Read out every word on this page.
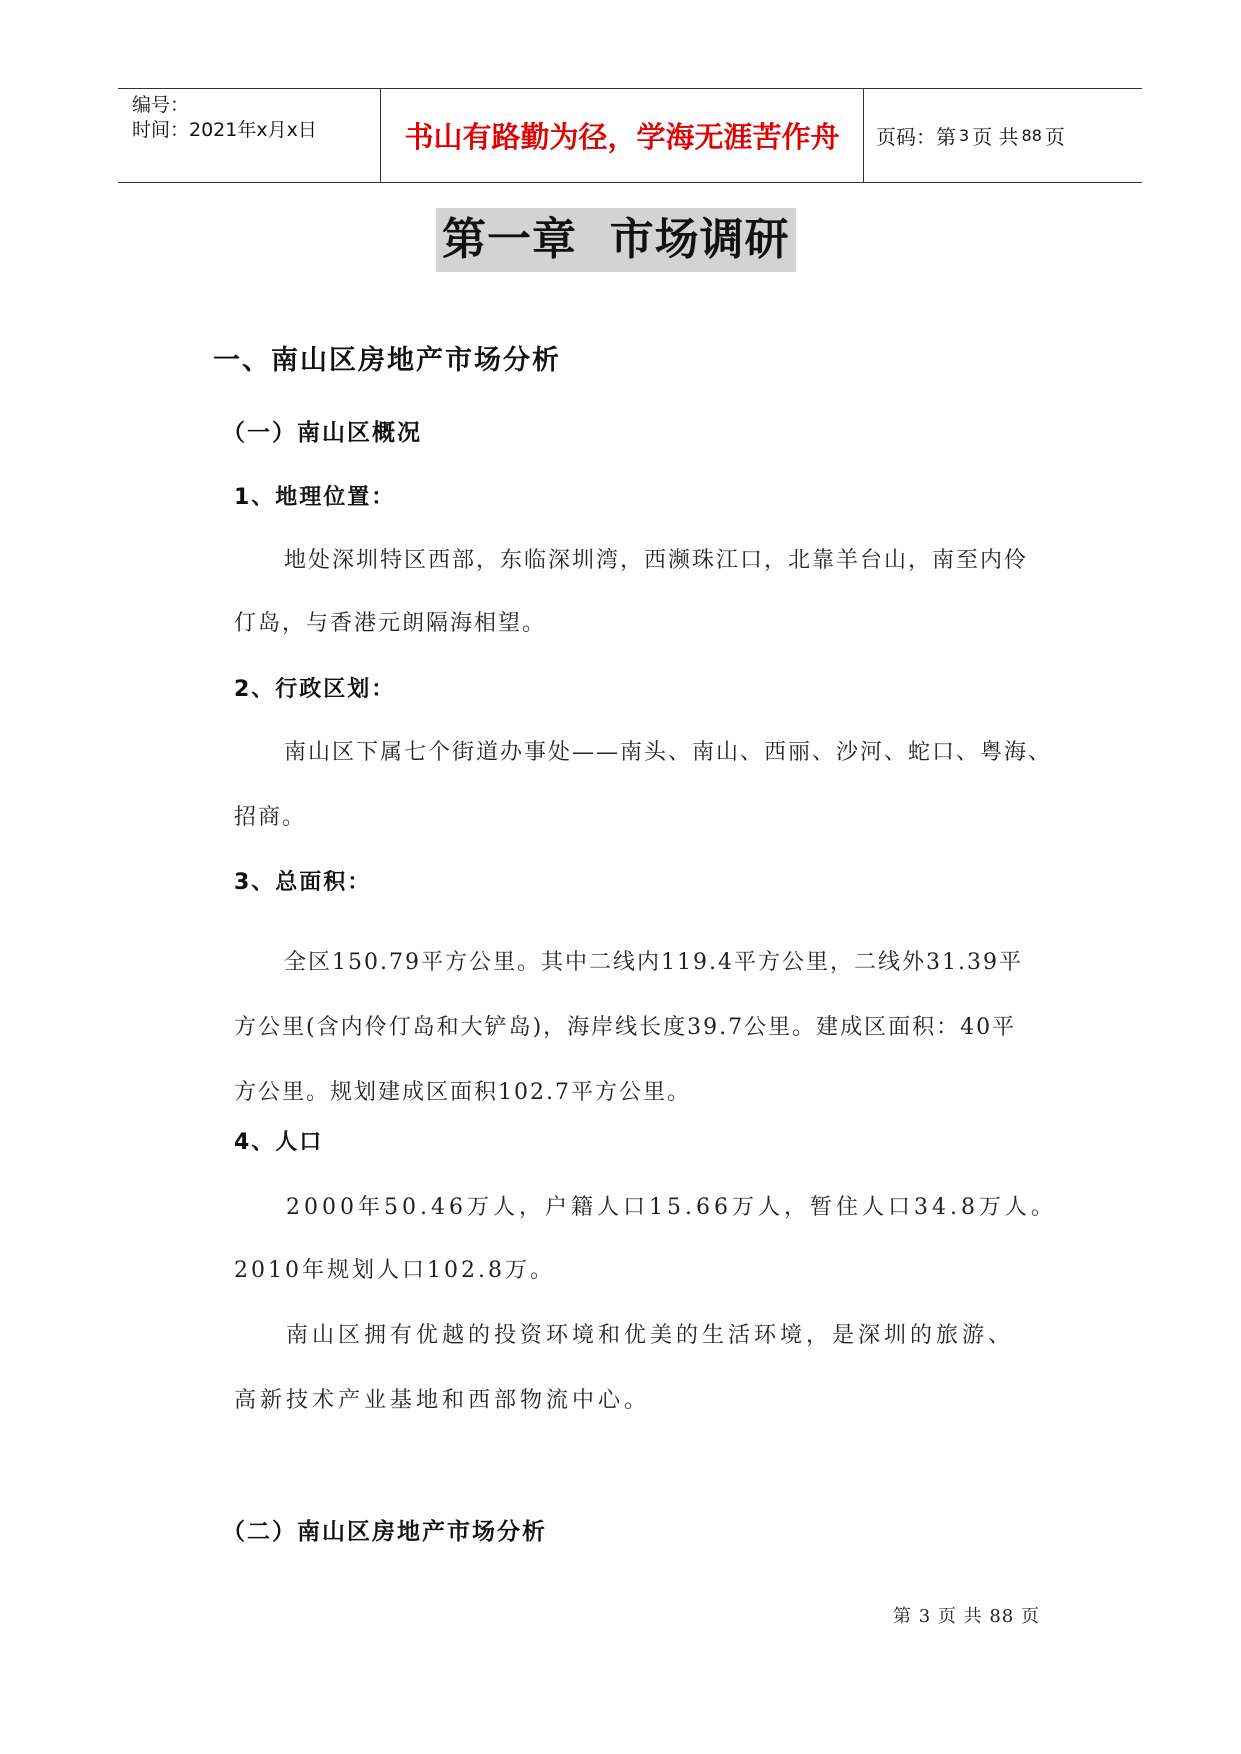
编号：
时间：2021年x月x日	书山有路勤为径，学海无涯苦作舟 页码：第 3 页 共 88 页
第一章  市场调研
一、南山区房地产市场分析
（一）南山区概况
1、地理位置：
地处深圳特区西部，东临深圳湾，西濒珠江口，北靠羊台山，南至内伶
仃岛，与香港元朗隔海相望。
2、行政区划：
南山区下属七个街道办事处——南头、南山、西丽、沙河、蛇口、粤海、
招商。
3、总面积：
全区150.79平方公里。其中二线内119.4平方公里，二线外31.39平
方公里(含内伶仃岛和大铲岛)，海岸线长度39.7公里。建成区面积：40平
方公里。规划建成区面积102.7平方公里。
4、人口
2000年50.46万人，户籍人口15.66万人，暂住人口34.8万人。
2010年规划人口102.8万。
南山区拥有优越的投资环境和优美的生活环境，是深圳的旅游、
高新技术产业基地和西部物流中心。
（二）南山区房地产市场分析
第 3 页 共 88 页
